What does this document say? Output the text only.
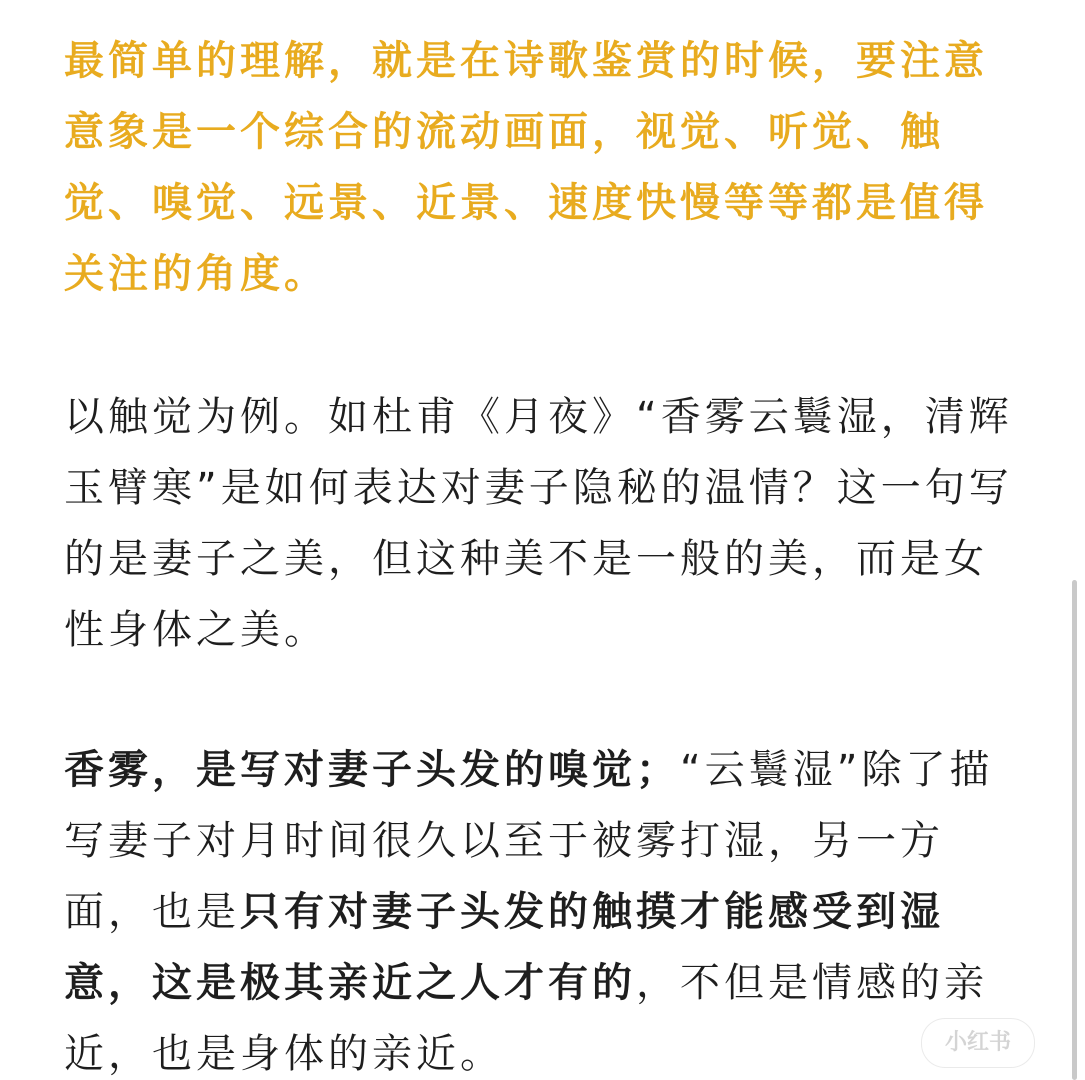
最简单的理解，就是在诗歌鉴赏的时候，要注意意象是一个综合的流动画面，视觉、听觉、触觉、嗅觉、远景、近景、速度快慢等等都是值得关注的角度。

以触觉为例。如杜甫《月夜》“香雾云鬟湿，清辉玉臂寒”是如何表达对妻子隐秘的温情？这一句写的是妻子之美，但这种美不是一般的美，而是女性身体之美。

香雾，是写对妻子头发的嗅觉；“云鬟湿”除了描写妻子对月时间很久以至于被雾打湿，另一方面，也是只有对妻子头发的触摸才能感受到湿意，这是极其亲近之人才有的，不但是情感的亲近，也是身体的亲近。	小红书
